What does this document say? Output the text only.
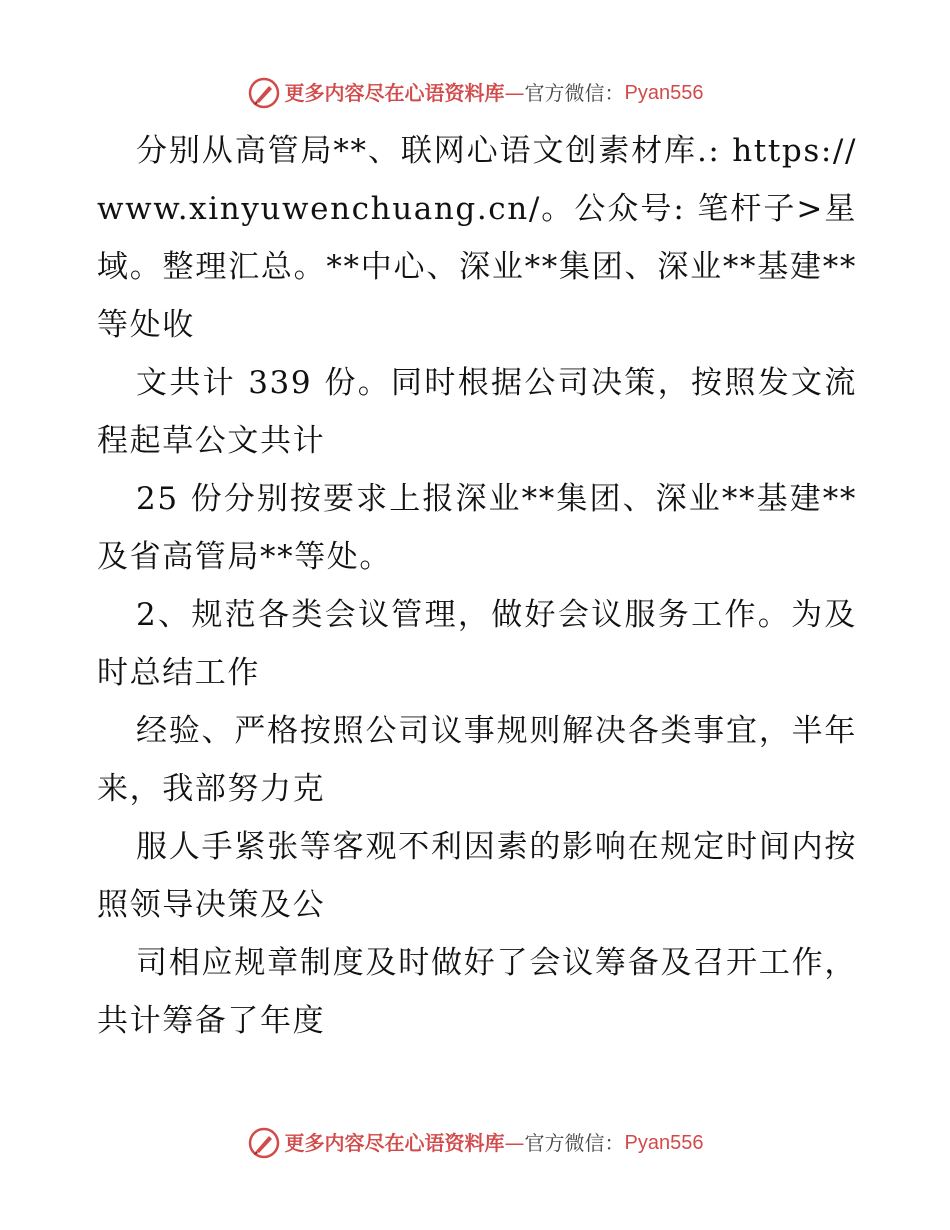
更多内容尽在心语资料库 — 官方微信： Pyan556

分别从高管局**、联网心语文创素材库.: https://www.xinyuwenchuang.cn/。公众号: 笔杆子>星域。整理汇总。**中心、深业**集团、深业**基建**等处收

文共计 339 份。同时根据公司决策，按照发文流程起草公文共计

25 份分别按要求上报深业**集团、深业**基建**及省高管局**等处。

2、规范各类会议管理，做好会议服务工作。为及时总结工作

经验、严格按照公司议事规则解决各类事宜，半年来，我部努力克

服人手紧张等客观不利因素的影响在规定时间内按照领导决策及公

司相应规章制度及时做好了会议筹备及召开工作，共计筹备了年度

更多内容尽在心语资料库 — 官方微信： Pyan556
